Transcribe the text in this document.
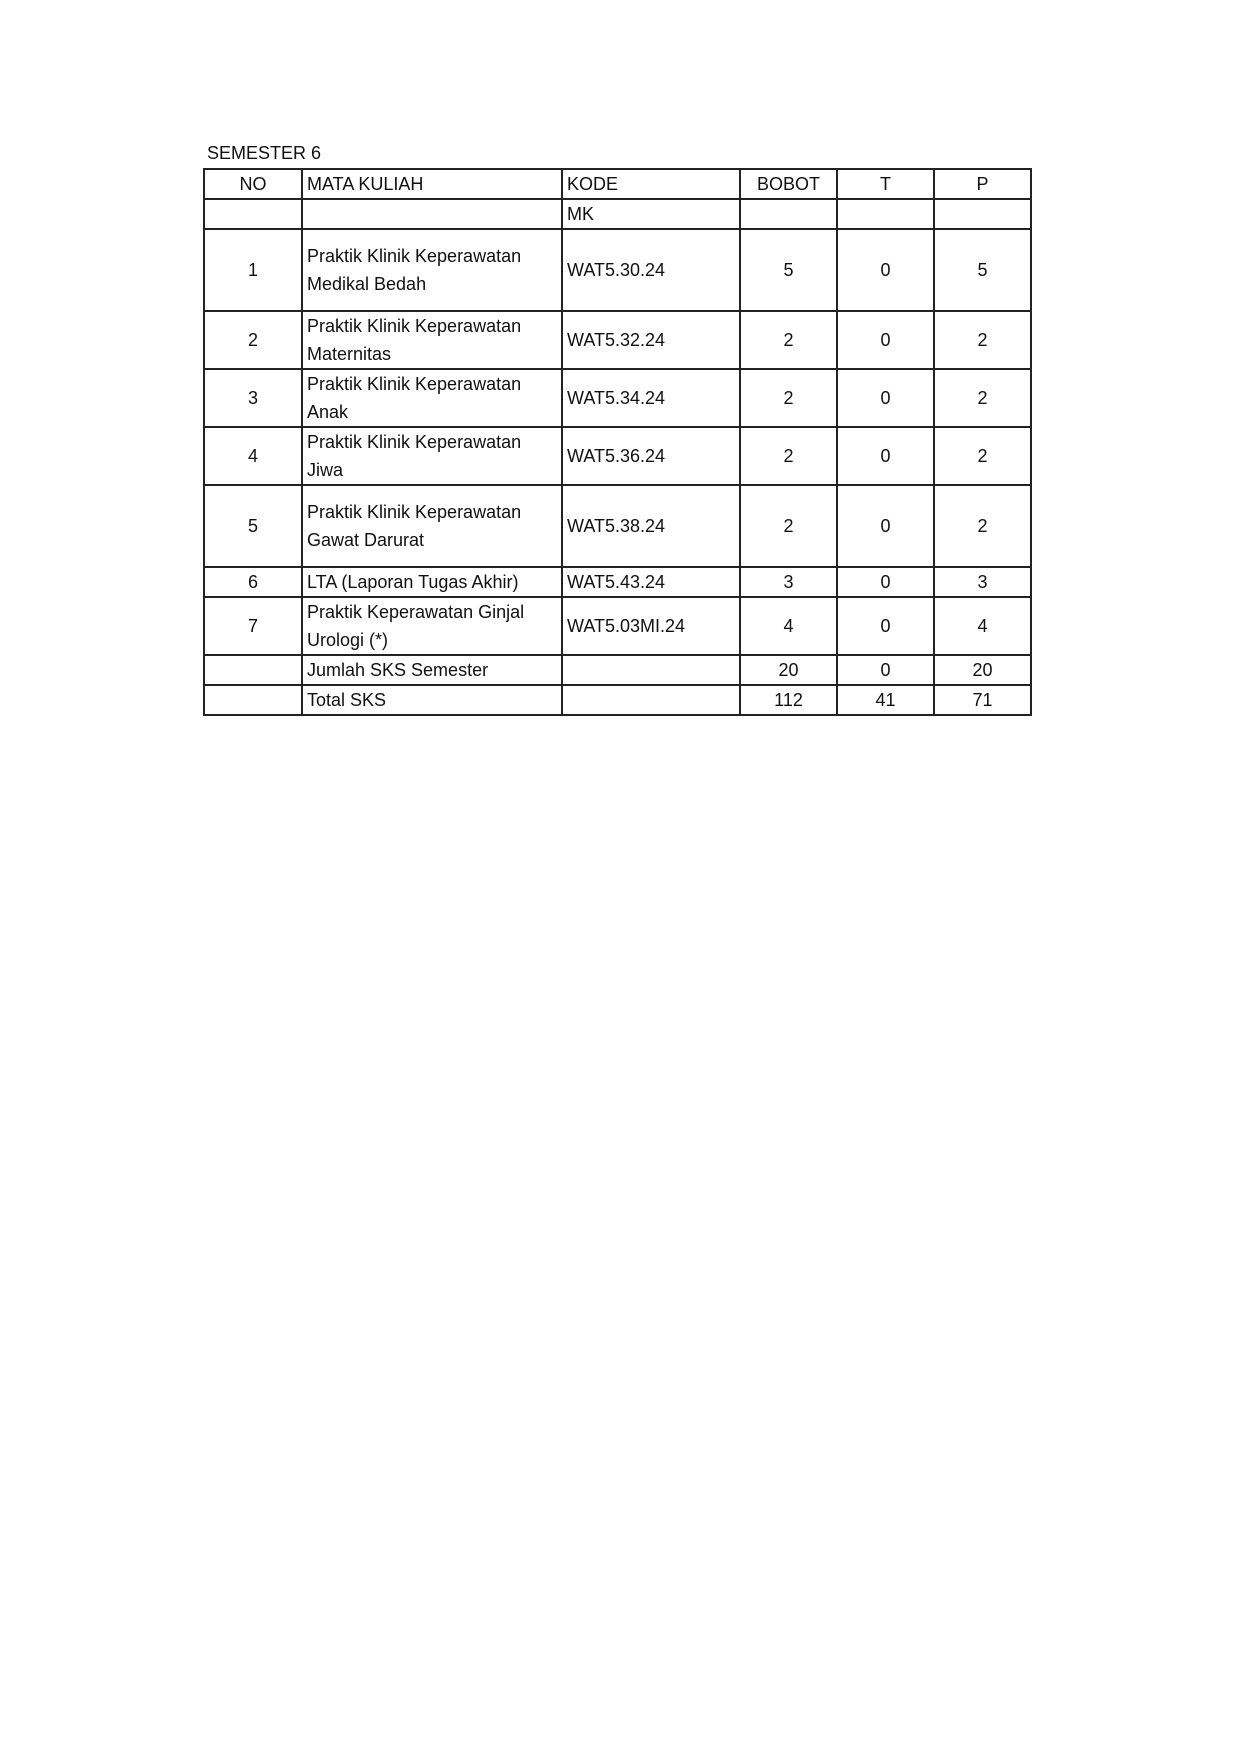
SEMESTER 6
NO	MATA KULIAH	KODE	BOBOT	T	P
		MK			
1	Praktik Klinik Keperawatan
Medikal Bedah	WAT5.30.24	5	0	5
2	Praktik Klinik Keperawatan
Maternitas	WAT5.32.24	2	0	2
3	Praktik Klinik Keperawatan
Anak	WAT5.34.24	2	0	2
4	Praktik Klinik Keperawatan
Jiwa	WAT5.36.24	2	0	2
5	Praktik Klinik Keperawatan
Gawat Darurat	WAT5.38.24	2	0	2
6	LTA (Laporan Tugas Akhir)	WAT5.43.24	3	0	3
7	Praktik Keperawatan Ginjal
Urologi (*)	WAT5.03MI.24	4	0	4
	Jumlah SKS Semester		20	0	20
	Total SKS		112	41	71
